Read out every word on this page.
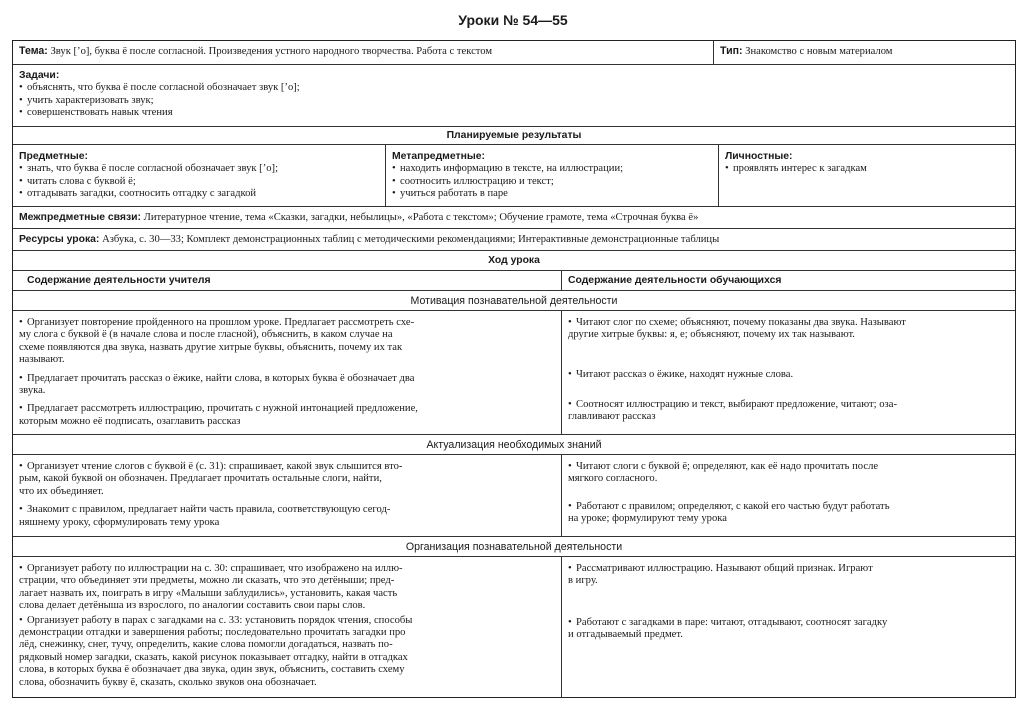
Уроки № 54—55
Тема: Звук [’о], буква ё после согласной. Произведения устного народного творчества. Работа с текстом	Тип: Знакомство с новым материалом
Задачи:
• объяснять, что буква ё после согласной обозначает звук [’о];
• учить характеризовать звук;
• совершенствовать навык чтения
Планируемые результаты
Предметные:
• знать, что буква ё после согласной обозначает звук [’о];
• читать слова с буквой ё;
• отгадывать загадки, соотносить отгадку с загадкой
Метапредметные:
• находить информацию в тексте, на иллюстрации;
• соотносить иллюстрацию и текст;
• учиться работать в паре
Личностные:
• проявлять интерес к загадкам
Межпредметные связи: Литературное чтение, тема «Сказки, загадки, небылицы», «Работа с текстом»; Обучение грамоте, тема «Строчная буква ё»
Ресурсы урока: Азбука, с. 30—33; Комплект демонстрационных таблиц с методическими рекомендациями; Интерактивные демонстрационные таблицы
Ход урока
Содержание деятельности учителя	Содержание деятельности обучающихся
Мотивация познавательной деятельности
• Организует повторение пройденного на прошлом уроке. Предлагает рассмотреть схе-
му слога с буквой ё (в начале слова и после гласной), объяснить, в каком случае на
схеме появляются два звука, назвать другие хитрые буквы, объяснить, почему их так
называют.
• Предлагает прочитать рассказ о ёжике, найти слова, в которых буква ё обозначает два
звука.
• Предлагает рассмотреть иллюстрацию, прочитать с нужной интонацией предложение,
которым можно её подписать, озаглавить рассказ
• Читают слог по схеме; объясняют, почему показаны два звука. Называют
другие хитрые буквы: я, е; объясняют, почему их так называют.
• Читают рассказ о ёжике, находят нужные слова.
• Соотносят иллюстрацию и текст, выбирают предложение, читают; оза-
главливают рассказ
Актуализация необходимых знаний
• Организует чтение слогов с буквой ё (с. 31): спрашивает, какой звук слышится вто-
рым, какой буквой он обозначен. Предлагает прочитать остальные слоги, найти,
что их объединяет.
• Знакомит с правилом, предлагает найти часть правила, соответствующую сегод-
няшнему уроку, сформулировать тему урока
• Читают слоги с буквой ё; определяют, как её надо прочитать после
мягкого согласного.
• Работают с правилом; определяют, с какой его частью будут работать
на уроке; формулируют тему урока
Организация познавательной деятельности
• Организует работу по иллюстрации на с. 30: спрашивает, что изображено на иллю-
страции, что объединяет эти предметы, можно ли сказать, что это детёныши; пред-
лагает назвать их, поиграть в игру «Малыши заблудились», установить, какая часть
слова делает детёныша из взрослого, по аналогии составить свои пары слов.
• Организует работу в парах с загадками на с. 33: установить порядок чтения, способы
демонстрации отгадки и завершения работы; последовательно прочитать загадки про
лёд, снежинку, снег, тучу, определить, какие слова помогли догадаться, назвать по-
рядковый номер загадки, сказать, какой рисунок показывает отгадку, найти в отгадках
слова, в которых буква ё обозначает два звука, один звук, объяснить, составить схему
слова, обозначить букву ё, сказать, сколько звуков она обозначает.
• Рассматривают иллюстрацию. Называют общий признак. Играют
в игру.
• Работают с загадками в паре: читают, отгадывают, соотносят загадку
и отгадываемый предмет.
